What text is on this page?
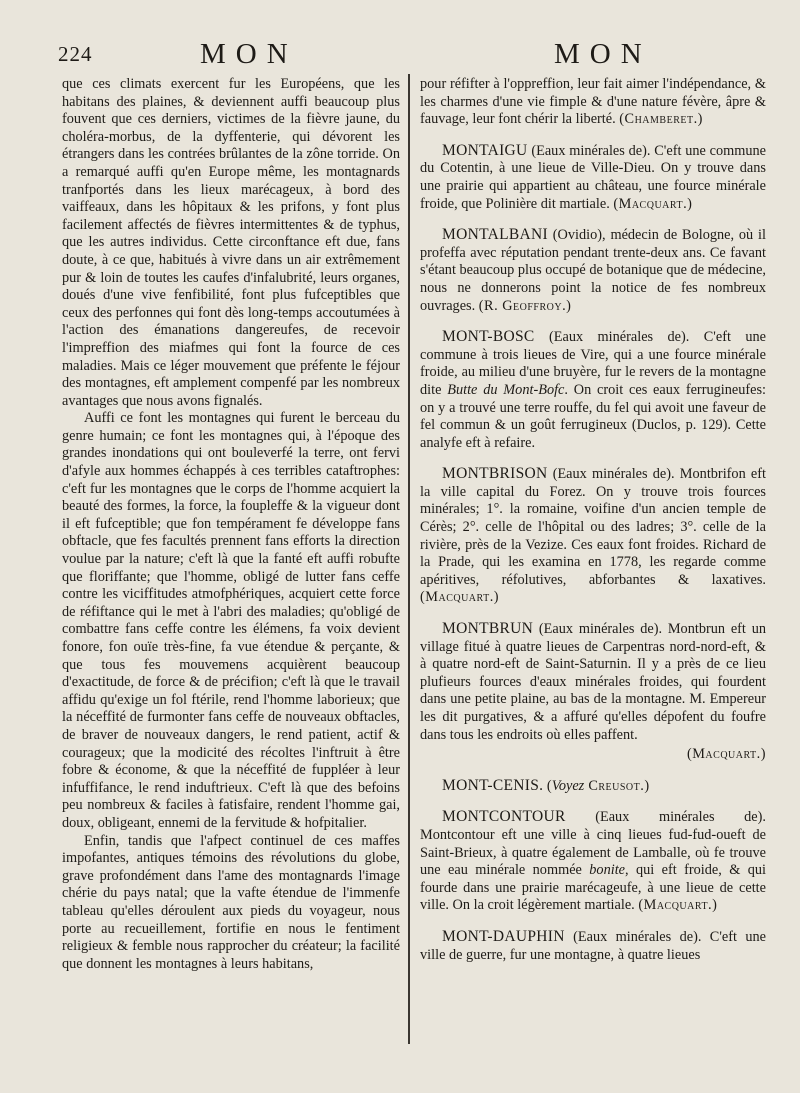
224	MON	MON

que ces climats exercent fur les Européens, que les habitans des plaines, & deviennent auffi beaucoup plus fouvent que ces derniers, victimes de la fièvre jaune, du choléra-morbus, de la dyffenterie, qui dévorent les étrangers dans les contrées brûlantes de la zône torride. On a remarqué auffi qu'en Europe même, les montagnards tranfportés dans les lieux marécageux, à bord des vaiffeaux, dans les hôpitaux & les prifons, y font plus facilement affectés de fièvres intermittentes & de typhus, que les autres individus. Cette circonftance eft due, fans doute, à ce que, habitués à vivre dans un air extrêmement pur & loin de toutes les caufes d'infalubrité, leurs organes, doués d'une vive fenfibilité, font plus fufceptibles que ceux des perfonnes qui font dès long-temps accoutumées à l'action des émanations dangereufes, de recevoir l'impreffion des miafmes qui font la fource de ces maladies. Mais ce léger mouvement que préfente le féjour des montagnes, eft amplement compenfé par les nombreux avantages que nous avons fignalés.

Auffi ce font les montagnes qui furent le berceau du genre humain; ce font les montagnes qui, à l'époque des grandes inondations qui ont bouleverfé la terre, ont fervi d'afyle aux hommes échappés à ces terribles cataftrophes: c'eft fur les montagnes que le corps de l'homme acquiert la beauté des formes, la force, la foupleffe & la vigueur dont il eft fufceptible; que fon tempérament fe développe fans obftacle, que fes facultés prennent fans efforts la direction voulue par la nature; c'eft là que la fanté eft auffi robufte que floriffante; que l'homme, obligé de lutter fans ceffe contre les viciffitudes atmofphériques, acquiert cette force de réfiftance qui le met à l'abri des maladies; qu'obligé de combattre fans ceffe contre les élémens, fa voix devient fonore, fon ouïe très-fine, fa vue étendue & perçante, & que tous fes mouvemens acquièrent beaucoup d'exactitude, de force & de précifion; c'eft là que le travail affidu qu'exige un fol ftérile, rend l'homme laborieux; que la néceffité de furmonter fans ceffe de nouveaux obftacles, de braver de nouveaux dangers, le rend patient, actif & courageux; que la modicité des récoltes l'inftruit à être fobre & économe, & que la néceffité de fuppléer à leur infuffifance, le rend induftrieux. C'eft là que des befoins peu nombreux & faciles à fatisfaire, rendent l'homme gai, doux, obligeant, ennemi de la fervitude & hofpitalier.

Enfin, tandis que l'afpect continuel de ces maffes impofantes, antiques témoins des révolutions du globe, grave profondément dans l'ame des montagnards l'image chérie du pays natal; que la vafte étendue de l'immenfe tableau qu'elles déroulent aux pieds du voyageur, nous porte au recueillement, fortifie en nous le fentiment religieux & femble nous rapprocher du créateur; la facilité que donnent les montagnes à leurs habitans,

pour réfifter à l'oppreffion, leur fait aimer l'indépendance, & les charmes d'une vie fimple & d'une nature févère, âpre & fauvage, leur font chérir la liberté. (Chamberet.)

MONTAIGU (Eaux minérales de). C'eft une commune du Cotentin, à une lieue de Ville-Dieu. On y trouve dans une prairie qui appartient au château, une fource minérale froide, que Polinière dit martiale. (Macquart.)
MONTALBANI (Ovidio), médecin de Bologne, où il profeffa avec réputation pendant trente-deux ans. Ce favant s'étant beaucoup plus occupé de botanique que de médecine, nous ne donnerons point la notice de fes nombreux ouvrages. (R. Geoffroy.)
MONT-BOSC (Eaux minérales de). C'eft une commune à trois lieues de Vire, qui a une fource minérale froide, au milieu d'une bruyère, fur le revers de la montagne dite Butte du Mont-Bofc. On croit ces eaux ferrugineufes: on y a trouvé une terre rouffe, du fel qui avoit une faveur de fel commun & un goût ferrugineux (Duclos, p. 129). Cette analyfe eft à refaire.
MONTBRISON (Eaux minérales de). Montbrifon eft la ville capital du Forez. On y trouve trois fources minérales; 1°. la romaine, voifine d'un ancien temple de Cérès; 2°. celle de l'hôpital ou des ladres; 3°. celle de la rivière, près de la Vezize. Ces eaux font froides. Richard de la Prade, qui les examina en 1778, les regarde comme apéritives, réfolutives, abforbantes & laxatives. (Macquart.)
MONTBRUN (Eaux minérales de). Montbrun eft un village fitué à quatre lieues de Carpentras nord-nord-eft, & à quatre nord-eft de Saint-Saturnin. Il y a près de ce lieu plufieurs fources d'eaux minérales froides, qui fourdent dans une petite plaine, au bas de la montagne. M. Empereur les dit purgatives, & a affuré qu'elles dépofent du foufre dans tous les endroits où elles paffent.
(Macquart.)
MONT-CENIS. (Voyez Creusot.)
MONTCONTOUR (Eaux minérales de). Montcontour eft une ville à cinq lieues fud-fud-oueft de Saint-Brieux, à quatre également de Lamballe, où fe trouve une eau minérale nommée bonite, qui eft froide, & qui fourde dans une prairie marécageufe, à une lieue de cette ville. On la croit légèrement martiale. (Macquart.)
MONT-DAUPHIN (Eaux minérales de). C'eft une ville de guerre, fur une montagne, à quatre lieues
